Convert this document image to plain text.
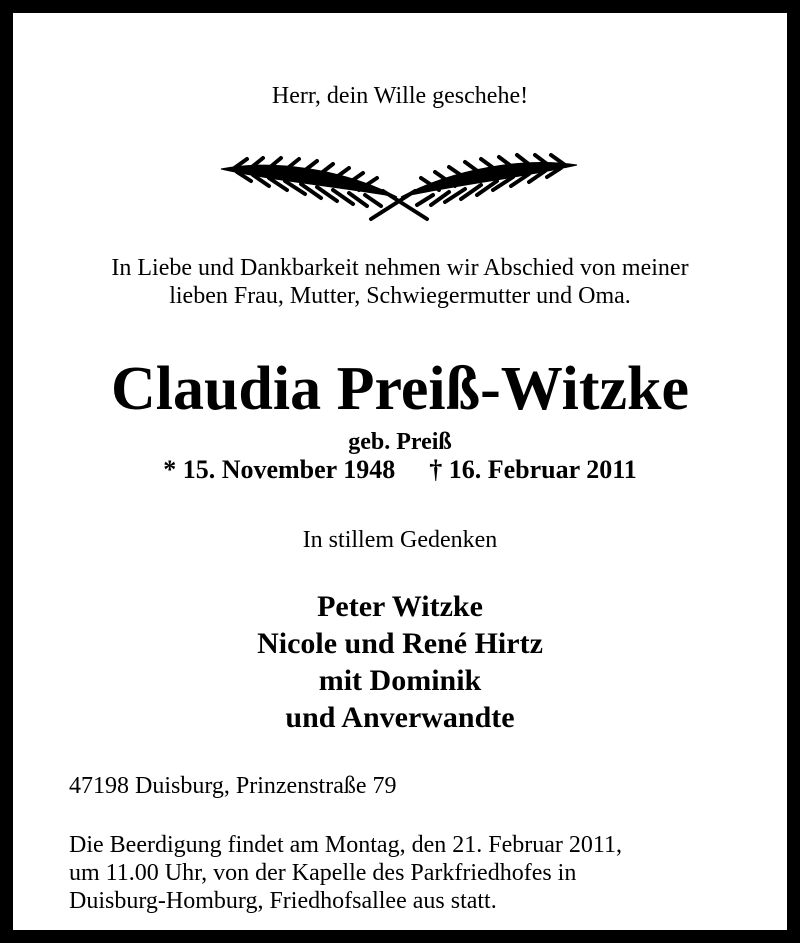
Herr, dein Wille geschehe!

In Liebe und Dankbarkeit nehmen wir Abschied von meiner

lieben Frau, Mutter, Schwiegermutter und Oma.

Claudia Preiß-Witzke

geb. Preiß

* 15. November 1948 † 16. Februar 2011

In stillem Gedenken

Peter Witzke

Nicole und René Hirtz

mit Dominik

und Anverwandte

47198 Duisburg, Prinzenstraße 79

Die Beerdigung findet am Montag, den 21. Februar 2011,

um 11.00 Uhr, von der Kapelle des Parkfriedhofes in

Duisburg-Homburg, Friedhofsallee aus statt.
